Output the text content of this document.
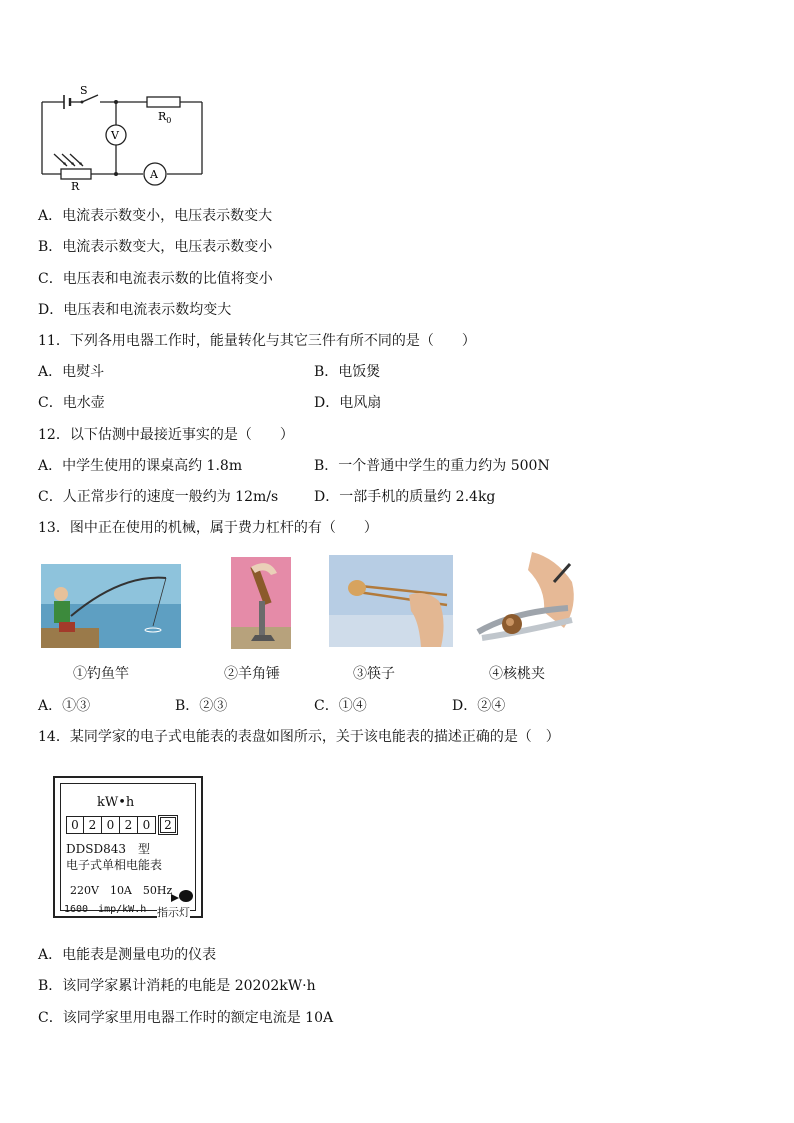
S
$R_0$
V
A
R
A．电流表示数变小，电压表示数变大
B．电流表示数变大，电压表示数变小
C．电压表和电流表示数的比值将变小
D．电压表和电流表示数均变大
11．下列各用电器工作时，能量转化与其它三件有所不同的是（　　）
A．电熨斗	B．电饭煲
C．电水壶	D．电风扇
12．以下估测中最接近事实的是（　　）
A．中学生使用的课桌高约 1.8m	B．一个普通中学生的重力约为 500N
C．人正常步行的速度一般约为 12m/s	D．一部手机的质量约 2.4kg
13．图中正在使用的机械，属于费力杠杆的有（　　）
①钓鱼竿	②羊角锤	③筷子	④核桃夹
A．①③	B．②③	C．①④	D．②④
14．某同学家的电子式电能表的表盘如图所示，关于该电能表的描述正确的是（　）
kW•h
0 2 0 2 0	2
DDSD843　型
电子式单相电能表
220V　10A　50Hz
1600　imp/kW.h 指示灯
A．电能表是测量电功的仪表
B．该同学家累计消耗的电能是 20202kW·h
C．该同学家里用电器工作时的额定电流是 10A
